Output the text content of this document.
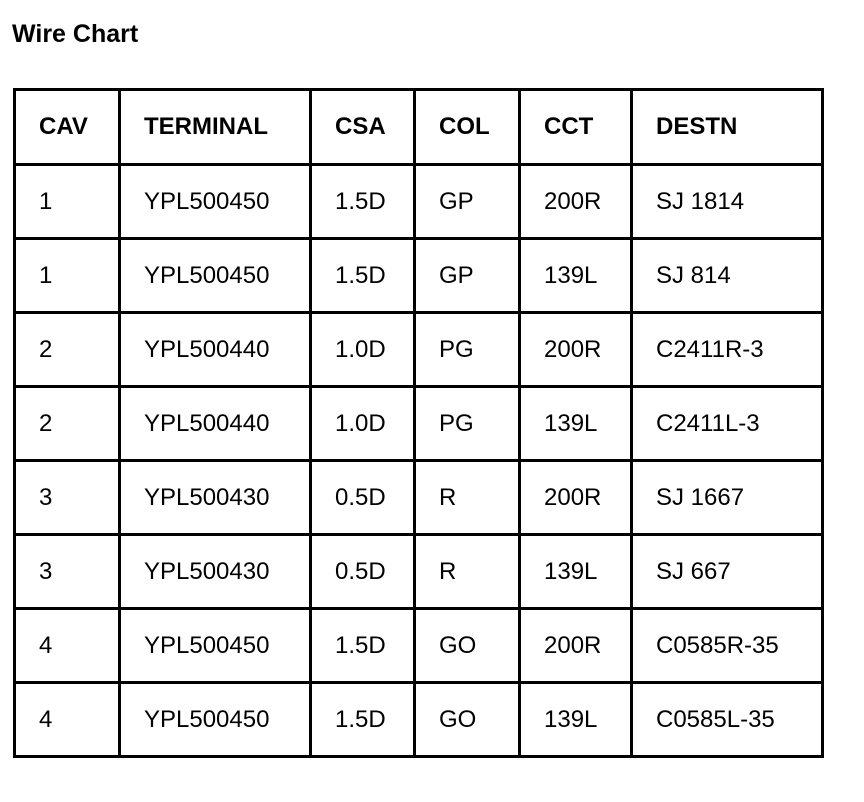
Wire Chart
CAV	TERMINAL	CSA	COL	CCT	DESTN
1	YPL500450	1.5D	GP	200R	SJ 1814
1	YPL500450	1.5D	GP	139L	SJ 814
2	YPL500440	1.0D	PG	200R	C2411R-3
2	YPL500440	1.0D	PG	139L	C2411L-3
3	YPL500430	0.5D	R	200R	SJ 1667
3	YPL500430	0.5D	R	139L	SJ 667
4	YPL500450	1.5D	GO	200R	C0585R-35
4	YPL500450	1.5D	GO	139L	C0585L-35
